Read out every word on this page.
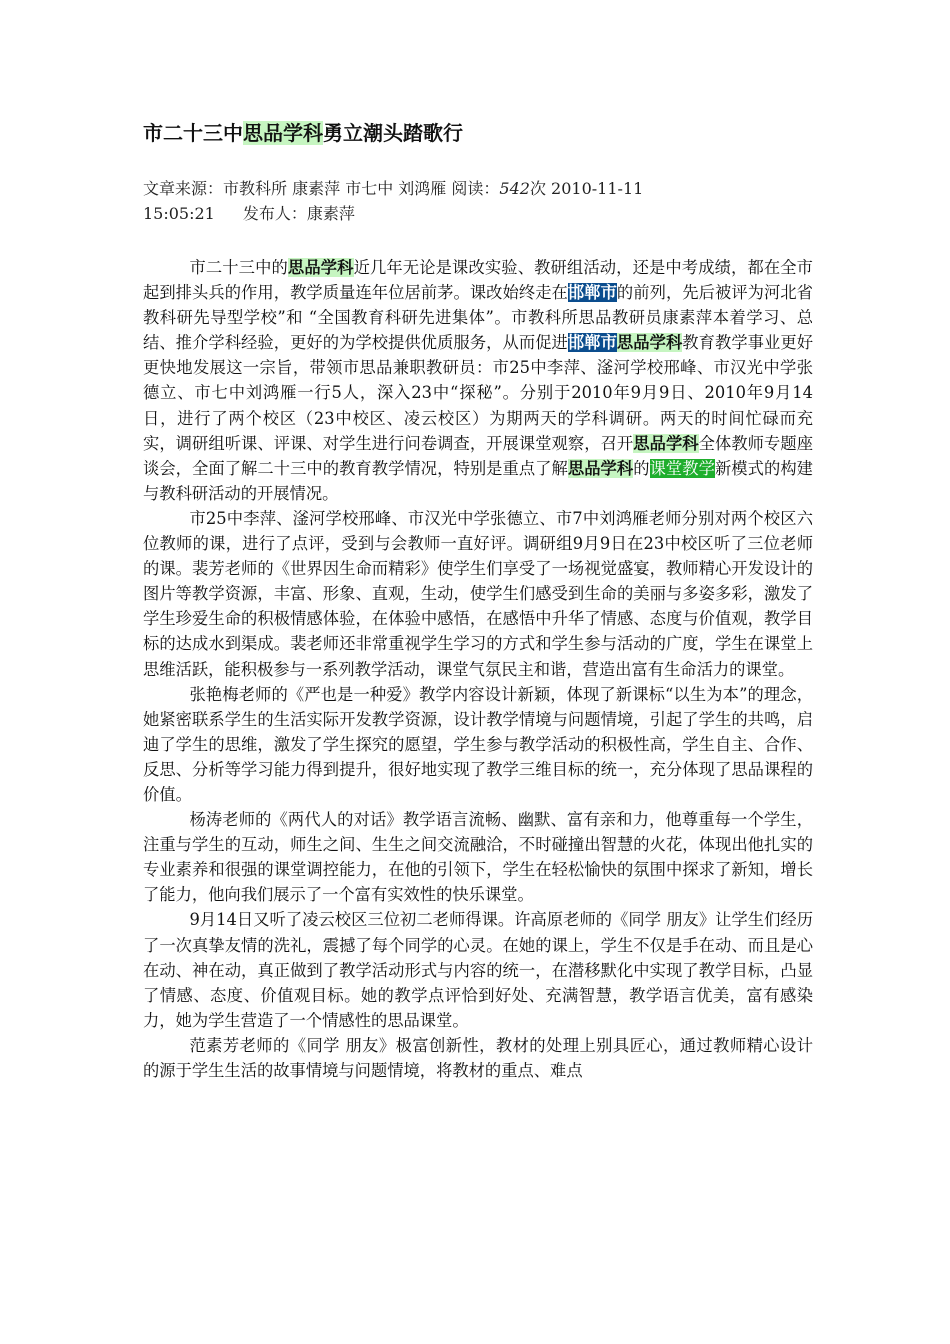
市二十三中思品学科勇立潮头踏歌行
文章来源：市教科所 康素萍 市七中 刘鸿雁 阅读：542次 2010-11-11
15:05:21 发布人：康素萍

市二十三中的思品学科近几年无论是课改实验、教研组活动，还是中考成绩，都在全市起到排头兵的作用，教学质量连年位居前茅。课改始终走在邯郸市的前列，先后被评为河北省教科研先导型学校”和 “全国教育科研先进集体”。市教科所思品教研员康素萍本着学习、总结、推介学科经验，更好的为学校提供优质服务，从而促进邯郸市思品学科教育教学事业更好更快地发展这一宗旨，带领市思品兼职教研员：市25中李萍、滏河学校邢峰、市汉光中学张德立、市七中刘鸿雁一行5人，深入23中“探秘”。分别于2010年9月9日、2010年9月14日，进行了两个校区（23中校区、凌云校区）为期两天的学科调研。两天的时间忙碌而充实，调研组听课、评课、对学生进行问卷调查，开展课堂观察，召开思品学科全体教师专题座谈会，全面了解二十三中的教育教学情况，特别是重点了解思品学科的课堂教学新模式的构建与教科研活动的开展情况。

市25中李萍、滏河学校邢峰、市汉光中学张德立、市7中刘鸿雁老师分别对两个校区六位教师的课，进行了点评，受到与会教师一直好评。调研组9月9日在23中校区听了三位老师的课。裴芳老师的《世界因生命而精彩》使学生们享受了一场视觉盛宴，教师精心开发设计的图片等教学资源，丰富、形象、直观，生动，使学生们感受到生命的美丽与多姿多彩，激发了学生珍爱生命的积极情感体验，在体验中感悟，在感悟中升华了情感、态度与价值观，教学目标的达成水到渠成。裴老师还非常重视学生学习的方式和学生参与活动的广度，学生在课堂上思维活跃，能积极参与一系列教学活动，课堂气氛民主和谐，营造出富有生命活力的课堂。

张艳梅老师的《严也是一种爱》教学内容设计新颖，体现了新课标“以生为本”的理念，她紧密联系学生的生活实际开发教学资源，设计教学情境与问题情境，引起了学生的共鸣，启迪了学生的思维，激发了学生探究的愿望，学生参与教学活动的积极性高，学生自主、合作、反思、分析等学习能力得到提升，很好地实现了教学三维目标的统一，充分体现了思品课程的价值。

杨涛老师的《两代人的对话》教学语言流畅、幽默、富有亲和力，他尊重每一个学生，注重与学生的互动，师生之间、生生之间交流融洽，不时碰撞出智慧的火花，体现出他扎实的专业素养和很强的课堂调控能力，在他的引领下，学生在轻松愉快的氛围中探求了新知，增长了能力，他向我们展示了一个富有实效性的快乐课堂。

9月14日又听了凌云校区三位初二老师得课。许高原老师的《同学 朋友》让学生们经历了一次真挚友情的洗礼，震撼了每个同学的心灵。在她的课上，学生不仅是手在动、而且是心在动、神在动，真正做到了教学活动形式与内容的统一，在潜移默化中实现了教学目标，凸显了情感、态度、价值观目标。她的教学点评恰到好处、充满智慧，教学语言优美，富有感染力，她为学生营造了一个情感性的思品课堂。

范素芳老师的《同学 朋友》极富创新性，教材的处理上别具匠心，通过教师精心设计的源于学生生活的故事情境与问题情境，将教材的重点、难点
